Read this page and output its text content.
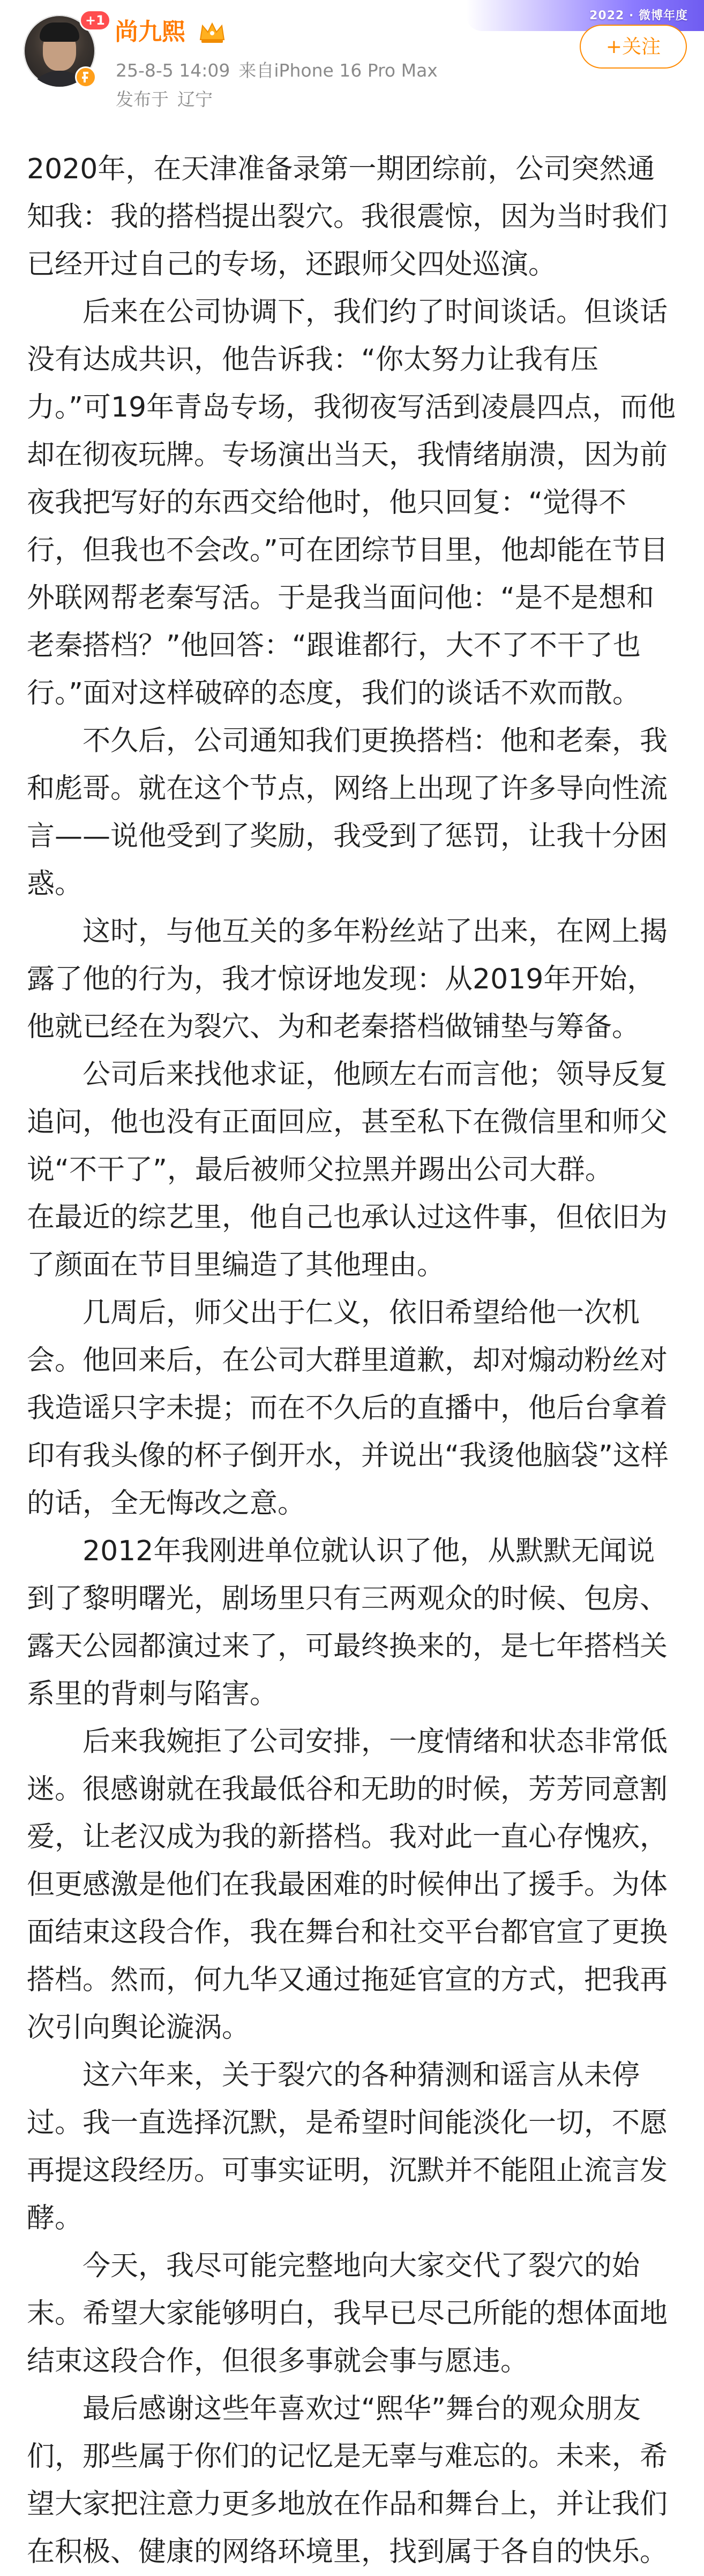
2022 · 微博年度
+1 尚九熙
25-8-5 14:09 来自iPhone 16 Pro Max
发布于 辽宁
+关注

2020年，在天津准备录第一期团综前，公司突然通知我：我的搭档提出裂穴。我很震惊，因为当时我们已经开过自己的专场，还跟师父四处巡演。

后来在公司协调下，我们约了时间谈话。但谈话没有达成共识，他告诉我：“你太努力让我有压力。”可19年青岛专场，我彻夜写活到凌晨四点，而他却在彻夜玩牌。专场演出当天，我情绪崩溃，因为前夜我把写好的东西交给他时，他只回复：“觉得不行，但我也不会改。”可在团综节目里，他却能在节目外联网帮老秦写活。于是我当面问他：“是不是想和老秦搭档？”他回答：“跟谁都行，大不了不干了也行。”面对这样破碎的态度，我们的谈话不欢而散。

不久后，公司通知我们更换搭档：他和老秦，我和彪哥。就在这个节点，网络上出现了许多导向性流言——说他受到了奖励，我受到了惩罚，让我十分困惑。

这时，与他互关的多年粉丝站了出来，在网上揭露了他的行为，我才惊讶地发现：从2019年开始，他就已经在为裂穴、为和老秦搭档做铺垫与筹备。

公司后来找他求证，他顾左右而言他；领导反复追问，他也没有正面回应，甚至私下在微信里和师父说“不干了”，最后被师父拉黑并踢出公司大群。

在最近的综艺里，他自己也承认过这件事，但依旧为了颜面在节目里编造了其他理由。

几周后，师父出于仁义，依旧希望给他一次机会。他回来后，在公司大群里道歉，却对煽动粉丝对我造谣只字未提；而在不久后的直播中，他后台拿着印有我头像的杯子倒开水，并说出“我烫他脑袋”这样的话，全无悔改之意。

2012年我刚进单位就认识了他，从默默无闻说到了黎明曙光，剧场里只有三两观众的时候、包房、露天公园都演过来了，可最终换来的，是七年搭档关系里的背刺与陷害。

后来我婉拒了公司安排，一度情绪和状态非常低迷。很感谢就在我最低谷和无助的时候，芳芳同意割爱，让老汉成为我的新搭档。我对此一直心存愧疚，但更感激是他们在我最困难的时候伸出了援手。为体面结束这段合作，我在舞台和社交平台都官宣了更换搭档。然而，何九华又通过拖延官宣的方式，把我再次引向舆论漩涡。

这六年来，关于裂穴的各种猜测和谣言从未停过。我一直选择沉默，是希望时间能淡化一切，不愿再提这段经历。可事实证明，沉默并不能阻止流言发酵。

今天，我尽可能完整地向大家交代了裂穴的始末。希望大家能够明白，我早已尽己所能的想体面地结束这段合作，但很多事就会事与愿违。

最后感谢这些年喜欢过“熙华”舞台的观众朋友们，那些属于你们的记忆是无辜与难忘的。未来，希望大家把注意力更多地放在作品和舞台上，并让我们在积极、健康的网络环境里，找到属于各自的快乐。
